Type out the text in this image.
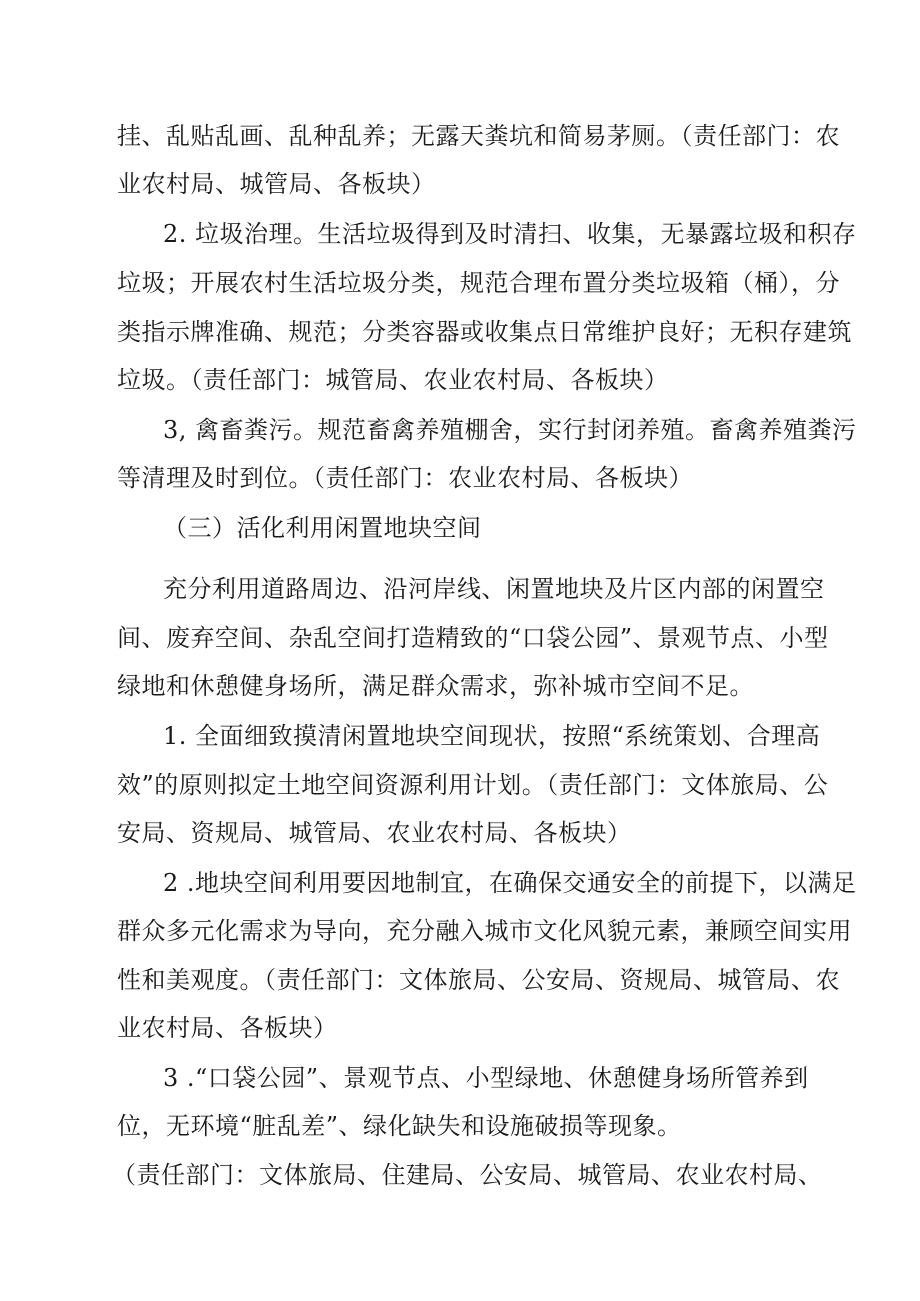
挂、乱贴乱画、乱种乱养；无露天粪坑和简易茅厕。（责任部门：农
业农村局、城管局、各板块）
2. 垃圾治理。生活垃圾得到及时清扫、收集，无暴露垃圾和积存
垃圾；开展农村生活垃圾分类，规范合理布置分类垃圾箱（桶），分
类指示牌准确、规范；分类容器或收集点日常维护良好；无积存建筑
垃圾。（责任部门：城管局、农业农村局、各板块）
3, 禽畜粪污。规范畜禽养殖棚舍，实行封闭养殖。畜禽养殖粪污
等清理及时到位。（责任部门：农业农村局、各板块）
（三）活化利用闲置地块空间
充分利用道路周边、沿河岸线、闲置地块及片区内部的闲置空
间、废弃空间、杂乱空间打造精致的“口袋公园”、景观节点、小型
绿地和休憩健身场所，满足群众需求，弥补城市空间不足。
1. 全面细致摸清闲置地块空间现状，按照“系统策划、合理高
效”的原则拟定土地空间资源利用计划。（责任部门：文体旅局、公
安局、资规局、城管局、农业农村局、各板块）
2 .地块空间利用要因地制宜，在确保交通安全的前提下，以满足
群众多元化需求为导向，充分融入城市文化风貌元素，兼顾空间实用
性和美观度。（责任部门：文体旅局、公安局、资规局、城管局、农
业农村局、各板块）
3 .“口袋公园”、景观节点、小型绿地、休憩健身场所管养到
位，无环境“脏乱差”、绿化缺失和设施破损等现象。
（责任部门：文体旅局、住建局、公安局、城管局、农业农村局、
